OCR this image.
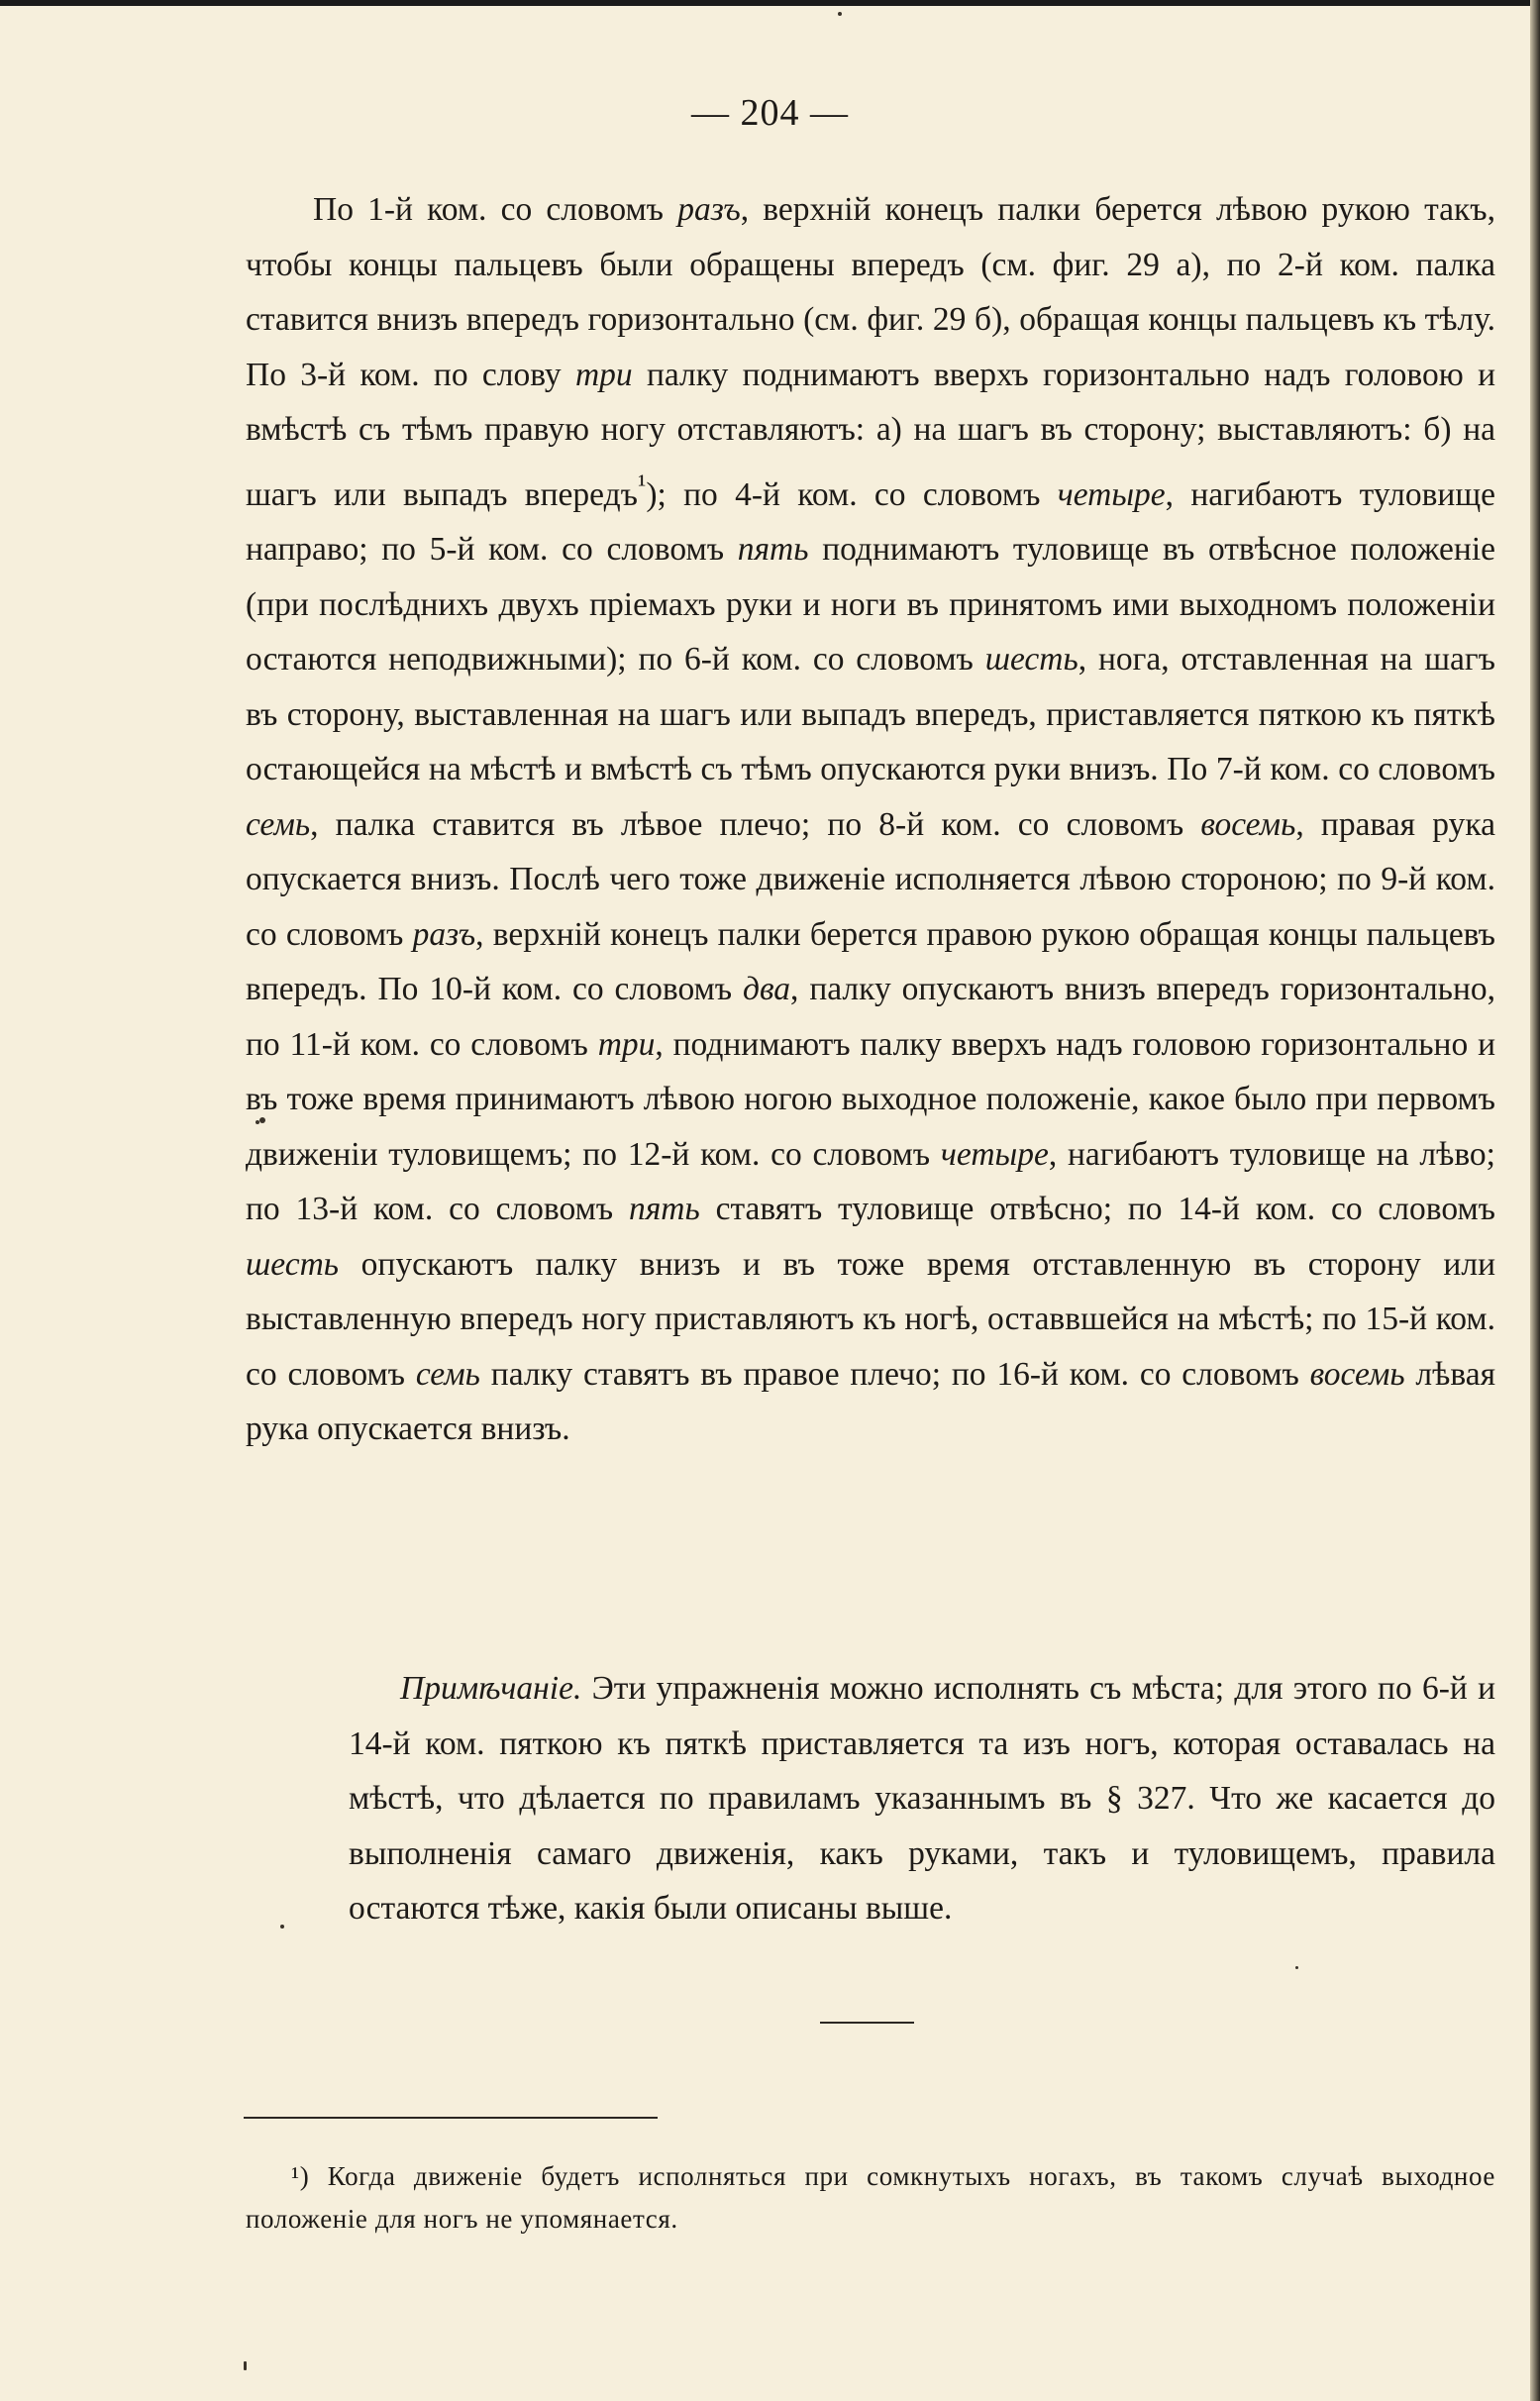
— 204 —

По 1-й ком. со словомъ разъ, верхній конецъ палки берется лѣвою рукою такъ, чтобы концы пальцевъ были обращены впередъ (см. фиг. 29 а), по 2-й ком. палка ставится внизъ впередъ горизонтально (см. фиг. 29 б), обращая концы пальцевъ къ тѣлу. По 3-й ком. по слову три палку поднимаютъ вверхъ горизонтально надъ головою и вмѣстѣ съ тѣмъ правую ногу отставляютъ: а) на шагъ въ сторону; выставляютъ: б) на шагъ или выпадъ впередъ$^{^1}$); по 4-й ком. со словомъ четыре, нагибаютъ туловище направо; по 5-й ком. со словомъ пять поднимаютъ туловище въ отвѣсное положеніе (при послѣднихъ двухъ пріемахъ руки и ноги въ принятомъ ими выходномъ положеніи остаются неподвижными); по 6-й ком. со словомъ шесть, нога, отставленная на шагъ въ сторону, выставленная на шагъ или выпадъ впередъ, приставляется пяткою къ пяткѣ остающейся на мѣстѣ и вмѣстѣ съ тѣмъ опускаются руки внизъ. По 7-й ком. со словомъ семь, палка ставится въ лѣвое плечо; по 8-й ком. со словомъ восемь, правая рука опускается внизъ. Послѣ чего тоже движеніе исполняется лѣвою стороною; по 9-й ком. со словомъ разъ, верхній конецъ палки берется правою рукою обращая концы пальцевъ впередъ. По 10-й ком. со словомъ два, палку опускаютъ внизъ впередъ горизонтально, по 11-й ком. со словомъ три, поднимаютъ палку вверхъ надъ головою горизонтально и въ тоже время принимаютъ лѣвою ногою выходное положеніе, какое было при первомъ движеніи туловищемъ; по 12-й ком. со словомъ четыре, нагибаютъ туловище на лѣво; по 13-й ком. со словомъ пять ставятъ туловище отвѣсно; по 14-й ком. со словомъ шесть опускаютъ палку внизъ и въ тоже время отставленную въ сторону или выставленную впередъ ногу приставляютъ къ ногѣ, оставвшейся на мѣстѣ; по 15-й ком. со словомъ семь палку ставятъ въ правое плечо; по 16-й ком. со словомъ восемь лѣвая рука опускается внизъ.

Примѣчаніе. Эти упражненія можно исполнять съ мѣста; для этого по 6-й и 14-й ком. пяткою къ пяткѣ приставляется та изъ ногъ, которая оставалась на мѣстѣ, что дѣлается по правиламъ указаннымъ въ § 327. Что же касается до выполненія самаго движенія, какъ руками, такъ и туловищемъ, правила остаются тѣже, какія были описаны выше.

¹) Когда движеніе будетъ исполняться при сомкнутыхъ ногахъ, въ такомъ случаѣ выходное положеніе для ногъ не упомянается.
